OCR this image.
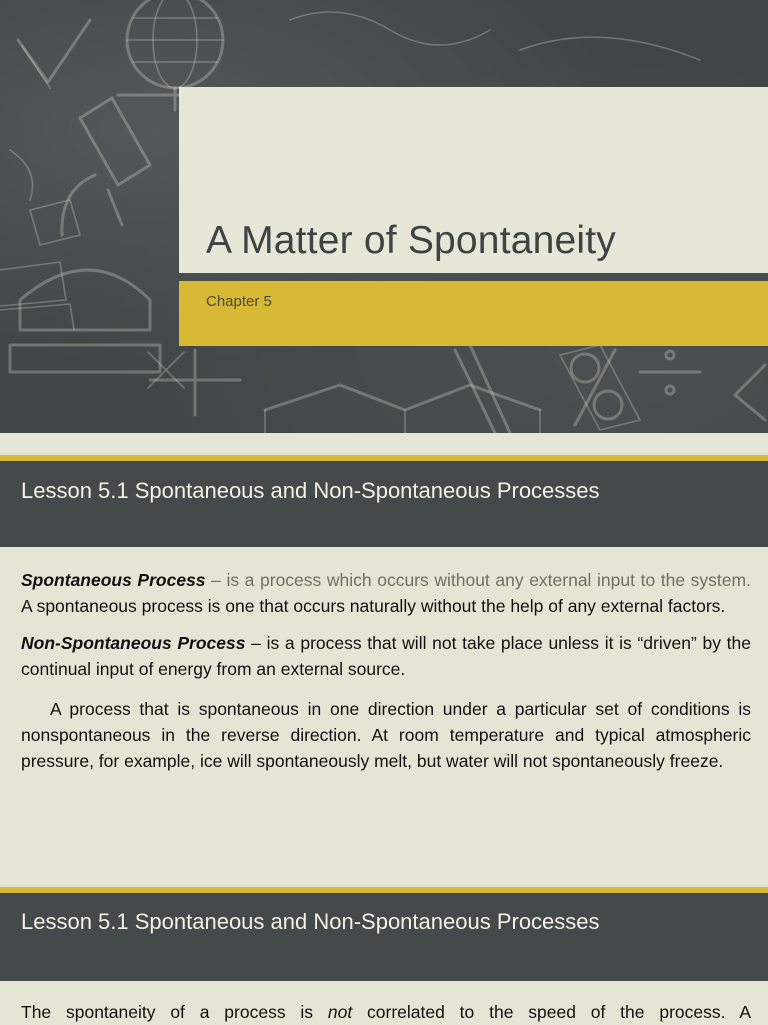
A Matter of Spontaneity
Chapter 5
Lesson 5.1 Spontaneous and Non-Spontaneous Processes

Spontaneous Process – is a process which occurs without any external input to the system. A spontaneous process is one that occurs naturally without the help of any external factors.

Non-Spontaneous Process – is a process that will not take place unless it is “driven” by the continual input of energy from an external source.

A process that is spontaneous in one direction under a particular set of conditions is nonspontaneous in the reverse direction. At room temperature and typical atmospheric pressure, for example, ice will spontaneously melt, but water will not spontaneously freeze.

Lesson 5.1 Spontaneous and Non-Spontaneous Processes

The spontaneity of a process is not correlated to the speed of the process. A
